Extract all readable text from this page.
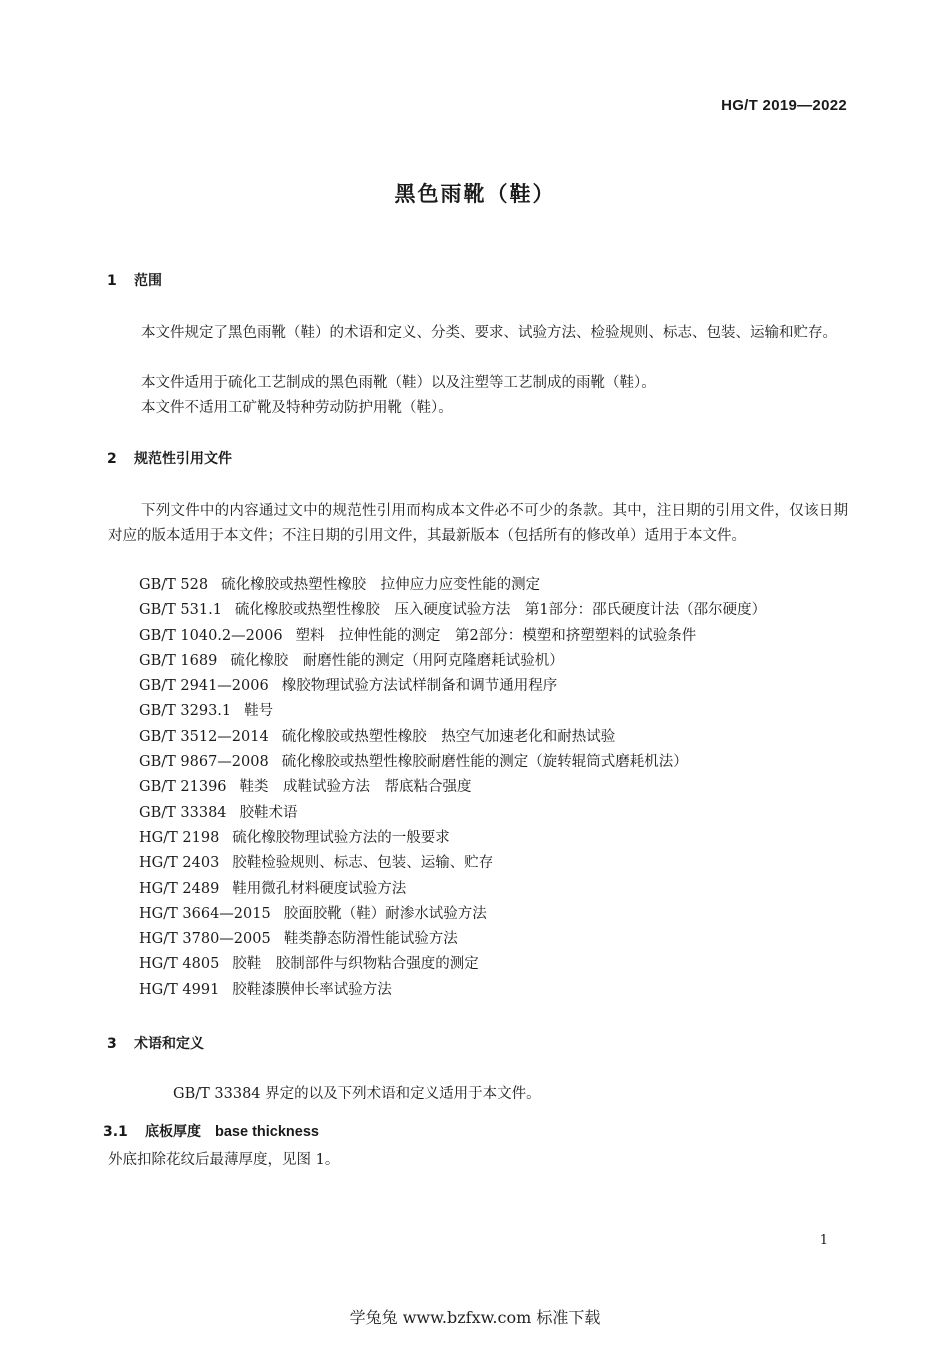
HG/T 2019—2022
黑色雨靴（鞋）
1 范围
本文件规定了黑色雨靴（鞋）的术语和定义、分类、要求、试验方法、检验规则、标志、包装、运输和贮存。
本文件适用于硫化工艺制成的黑色雨靴（鞋）以及注塑等工艺制成的雨靴（鞋）。
本文件不适用工矿靴及特种劳动防护用靴（鞋）。
2 规范性引用文件
下列文件中的内容通过文中的规范性引用而构成本文件必不可少的条款。其中，注日期的引用文件，仅该日期对应的版本适用于本文件；不注日期的引用文件，其最新版本（包括所有的修改单）适用于本文件。
GB/T 528 硫化橡胶或热塑性橡胶　拉伸应力应变性能的测定
GB/T 531.1 硫化橡胶或热塑性橡胶　压入硬度试验方法　第1部分：邵氏硬度计法（邵尔硬度）
GB/T 1040.2—2006 塑料　拉伸性能的测定　第2部分：模塑和挤塑塑料的试验条件
GB/T 1689 硫化橡胶　耐磨性能的测定（用阿克隆磨耗试验机）
GB/T 2941—2006 橡胶物理试验方法试样制备和调节通用程序
GB/T 3293.1 鞋号
GB/T 3512—2014 硫化橡胶或热塑性橡胶　热空气加速老化和耐热试验
GB/T 9867—2008 硫化橡胶或热塑性橡胶耐磨性能的测定（旋转辊筒式磨耗机法）
GB/T 21396 鞋类　成鞋试验方法　帮底粘合强度
GB/T 33384 胶鞋术语
HG/T 2198 硫化橡胶物理试验方法的一般要求
HG/T 2403 胶鞋检验规则、标志、包装、运输、贮存
HG/T 2489 鞋用微孔材料硬度试验方法
HG/T 3664—2015 胶面胶靴（鞋）耐渗水试验方法
HG/T 3780—2005 鞋类静态防滑性能试验方法
HG/T 4805 胶鞋　胶制部件与织物粘合强度的测定
HG/T 4991 胶鞋漆膜伸长率试验方法
3 术语和定义
GB/T 33384 界定的以及下列术语和定义适用于本文件。
3.1 底板厚度 base thickness
外底扣除花纹后最薄厚度，见图 1。
1
学兔兔 www.bzfxw.com 标准下载
